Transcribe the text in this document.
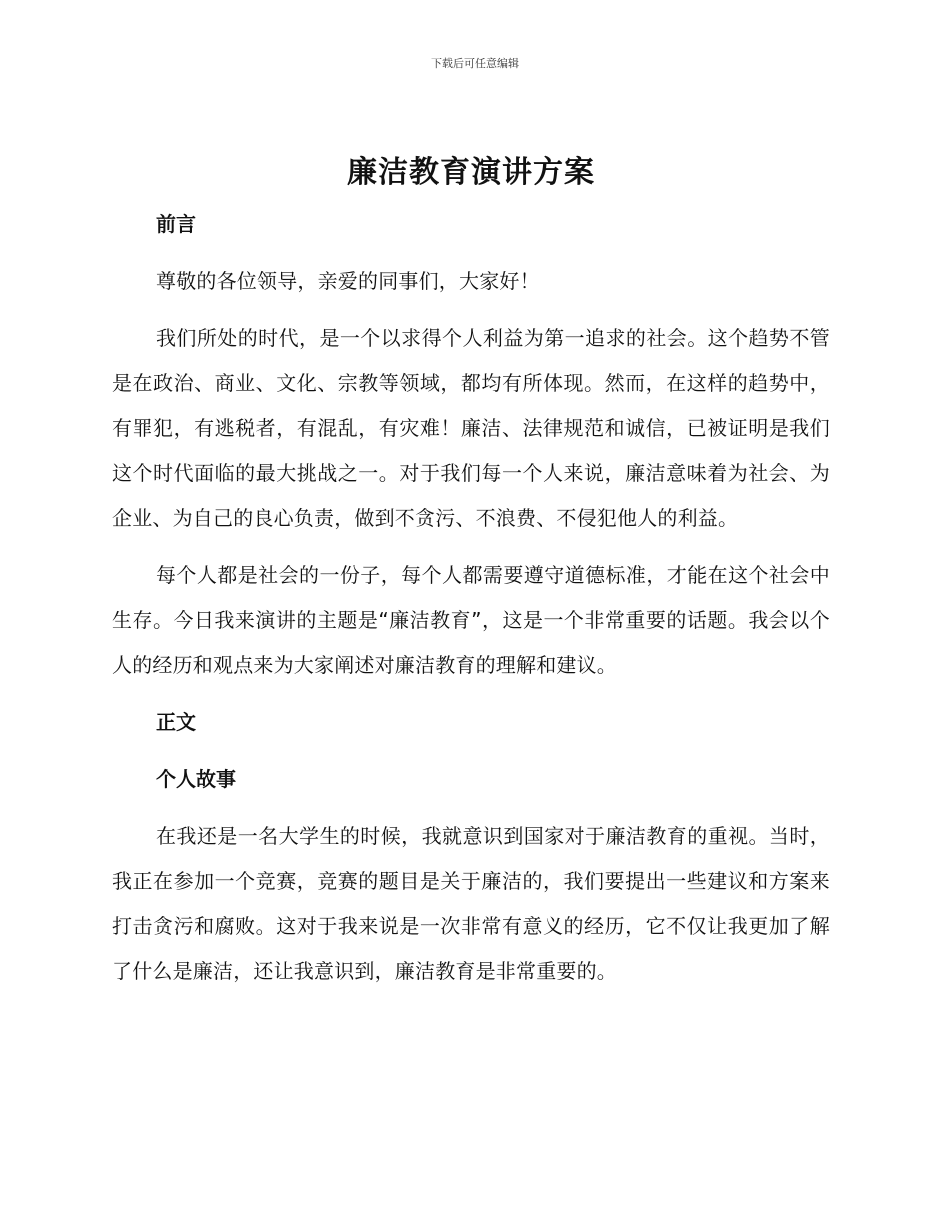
下载后可任意编辑
廉洁教育演讲方案
前言
尊敬的各位领导，亲爱的同事们，大家好！
我们所处的时代，是一个以求得个人利益为第一追求的社会。这个趋势不管是在政治、商业、文化、宗教等领域，都均有所体现。然而，在这样的趋势中，有罪犯，有逃税者，有混乱，有灾难！廉洁、法律规范和诚信，已被证明是我们这个时代面临的最大挑战之一。对于我们每一个人来说，廉洁意味着为社会、为企业、为自己的良心负责，做到不贪污、不浪费、不侵犯他人的利益。
每个人都是社会的一份子，每个人都需要遵守道德标准，才能在这个社会中生存。今日我来演讲的主题是“廉洁教育”，这是一个非常重要的话题。我会以个人的经历和观点来为大家阐述对廉洁教育的理解和建议。
正文
个人故事
在我还是一名大学生的时候，我就意识到国家对于廉洁教育的重视。当时，我正在参加一个竞赛，竞赛的题目是关于廉洁的，我们要提出一些建议和方案来打击贪污和腐败。这对于我来说是一次非常有意义的经历，它不仅让我更加了解了什么是廉洁，还让我意识到，廉洁教育是非常重要的。
